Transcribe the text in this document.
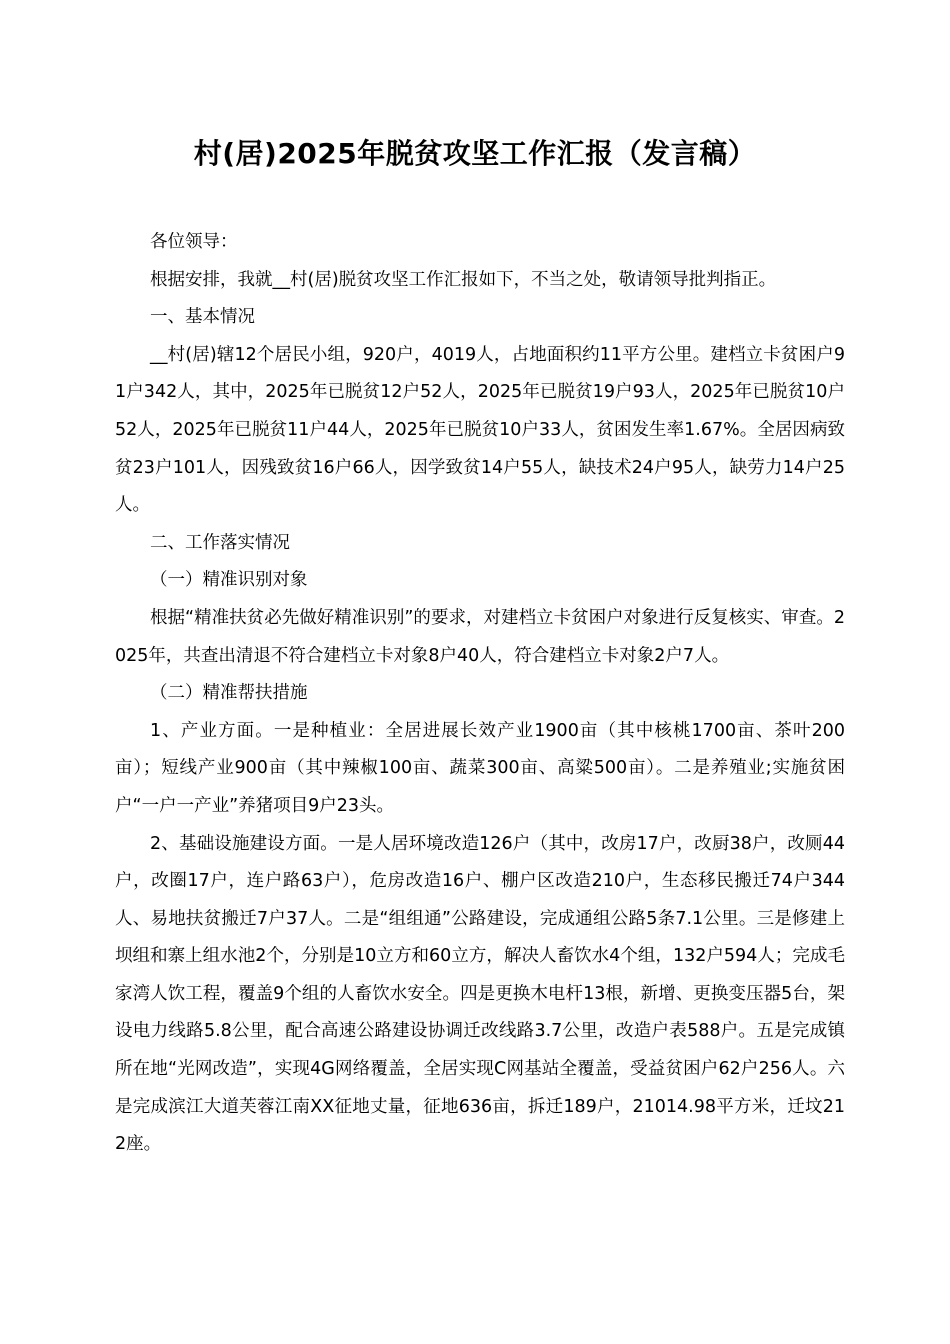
村(居)2025年脱贫攻坚工作汇报（发言稿）

各位领导：

根据安排，我就__村(居)脱贫攻坚工作汇报如下，不当之处，敬请领导批判指正。

一、基本情况

__村(居)辖12个居民小组，920户，4019人，占地面积约11平方公里。建档立卡贫困户91户342人，其中，2025年已脱贫12户52人，2025年已脱贫19户93人，2025年已脱贫10户52人，2025年已脱贫11户44人，2025年已脱贫10户33人，贫困发生率1.67%。全居因病致贫23户101人，因残致贫16户66人，因学致贫14户55人，缺技术24户95人，缺劳力14户25人。

二、工作落实情况

（一）精准识别对象

根据“精准扶贫必先做好精准识别”的要求，对建档立卡贫困户对象进行反复核实、审查。2025年，共查出清退不符合建档立卡对象8户40人，符合建档立卡对象2户7人。

（二）精准帮扶措施

1、产业方面。一是种植业：全居进展长效产业1900亩（其中核桃1700亩、茶叶200亩）；短线产业900亩（其中辣椒100亩、蔬菜300亩、高粱500亩）。二是养殖业;实施贫困户“一户一产业”养猪项目9户23头。

2、基础设施建设方面。一是人居环境改造126户（其中，改房17户，改厨38户，改厕44户，改圈17户，连户路63户），危房改造16户、棚户区改造210户，生态移民搬迁74户344人、易地扶贫搬迁7户37人。二是“组组通”公路建设，完成通组公路5条7.1公里。三是修建上坝组和寨上组水池2个，分别是10立方和60立方，解决人畜饮水4个组，132户594人；完成毛家湾人饮工程，覆盖9个组的人畜饮水安全。四是更换木电杆13根，新增、更换变压器5台，架设电力线路5.8公里，配合高速公路建设协调迁改线路3.7公里，改造户表588户。五是完成镇所在地“光网改造”，实现4G网络覆盖，全居实现C网基站全覆盖，受益贫困户62户256人。六是完成滨江大道芙蓉江南XX征地丈量，征地636亩，拆迁189户，21014.98平方米，迁坟212座。
